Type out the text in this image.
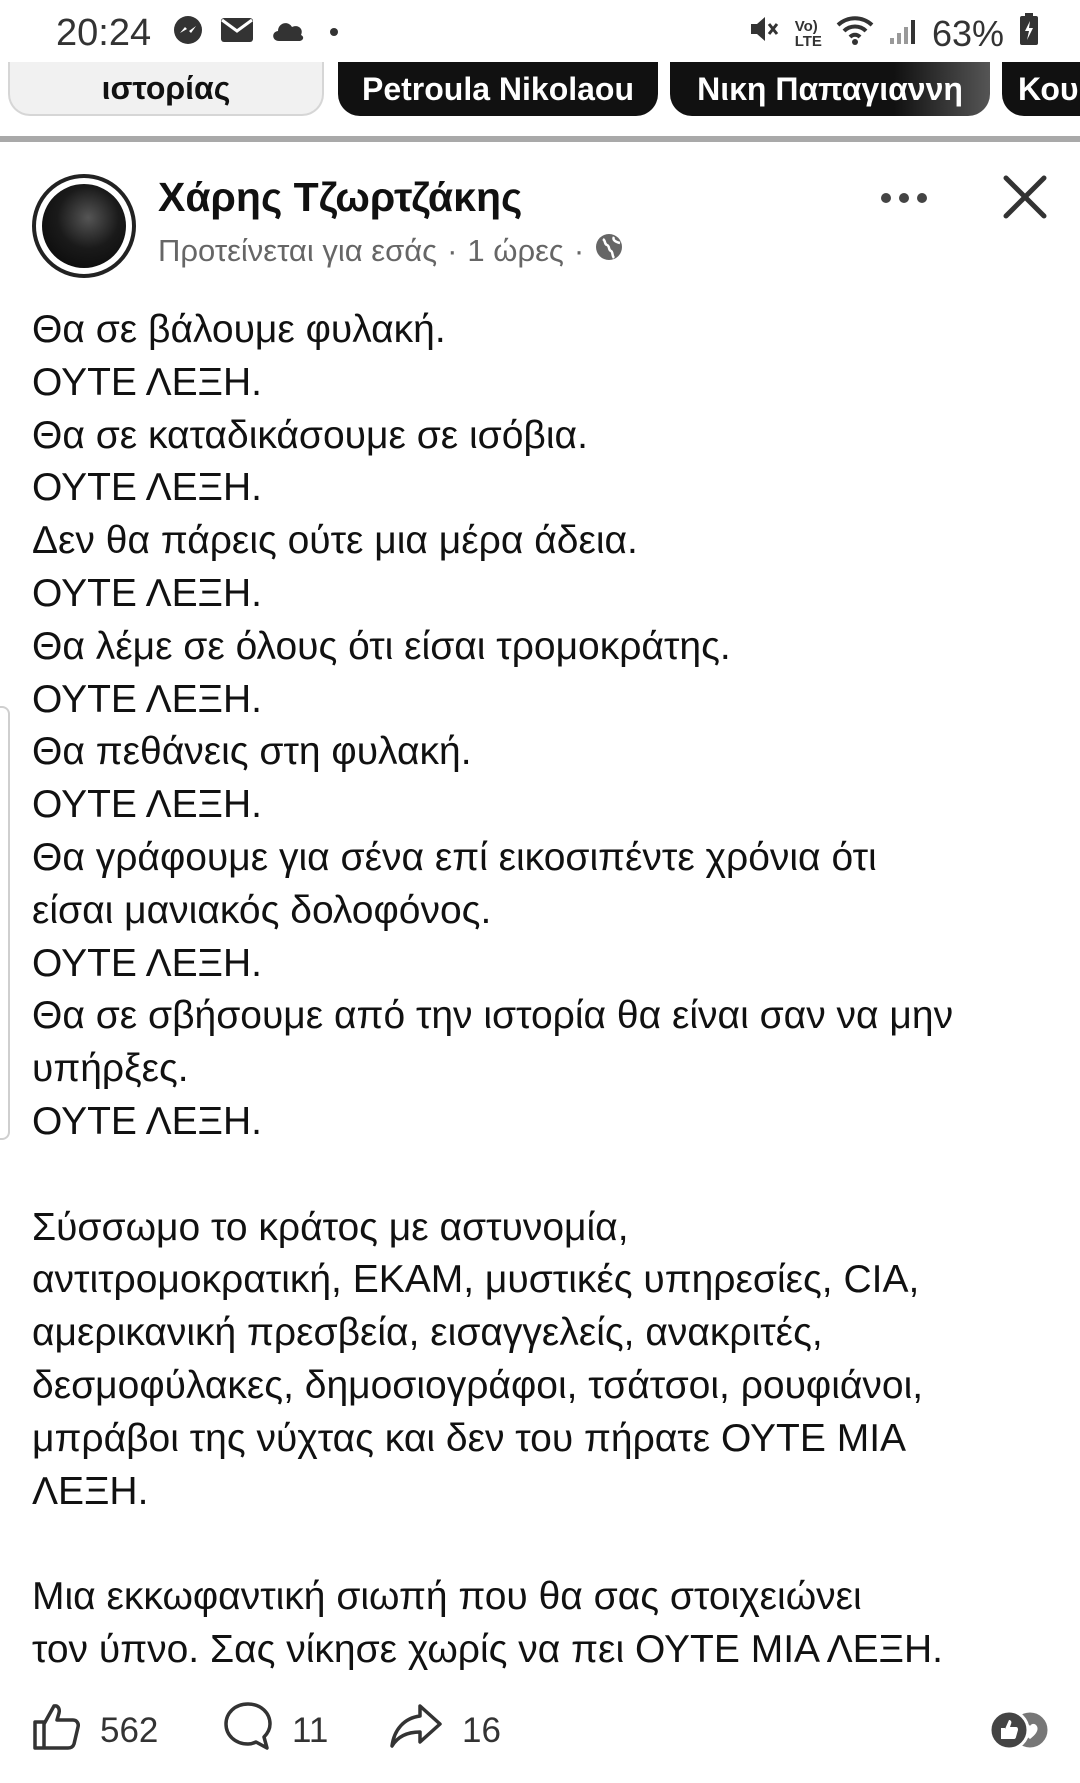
20:24	Vo)
LTE	63%
ιστορίας	Petroula Nikolaou Νικη Παπαγιαννη Κου
Χάρης Τζωρτζάκης
Προτείνεται για εσάς · 1 ώρες ·
Θα σε βάλουμε φυλακή.
ΟΥΤΕ ΛΕΞΗ.
Θα σε καταδικάσουμε σε ισόβια.
ΟΥΤΕ ΛΕΞΗ.
Δεν θα πάρεις ούτε μια μέρα άδεια.
ΟΥΤΕ ΛΕΞΗ.
Θα λέμε σε όλους ότι είσαι τρομοκράτης.
ΟΥΤΕ ΛΕΞΗ.
Θα πεθάνεις στη φυλακή.
ΟΥΤΕ ΛΕΞΗ.
Θα γράφουμε για σένα επί εικοσιπέντε χρόνια ότι
είσαι μανιακός δολοφόνος.
ΟΥΤΕ ΛΕΞΗ.
Θα σε σβήσουμε από την ιστορία θα είναι σαν να μην
υπήρξες.
ΟΥΤΕ ΛΕΞΗ.
Σύσσωμο το κράτος με αστυνομία,
αντιτρομοκρατική, ΕΚΑΜ, μυστικές υπηρεσίες, CIA,
αμερικανική πρεσβεία, εισαγγελείς, ανακριτές,
δεσμοφύλακες, δημοσιογράφοι, τσάτσοι, ρουφιάνοι,
μπράβοι της νύχτας και δεν του πήρατε ΟΥΤΕ ΜΙΑ
ΛΕΞΗ.
Μια εκκωφαντική σιωπή που θα σας στοιχειώνει
τον ύπνο. Σας νίκησε χωρίς να πει ΟΥΤΕ ΜΙΑ ΛΕΞΗ.
562	11	16
